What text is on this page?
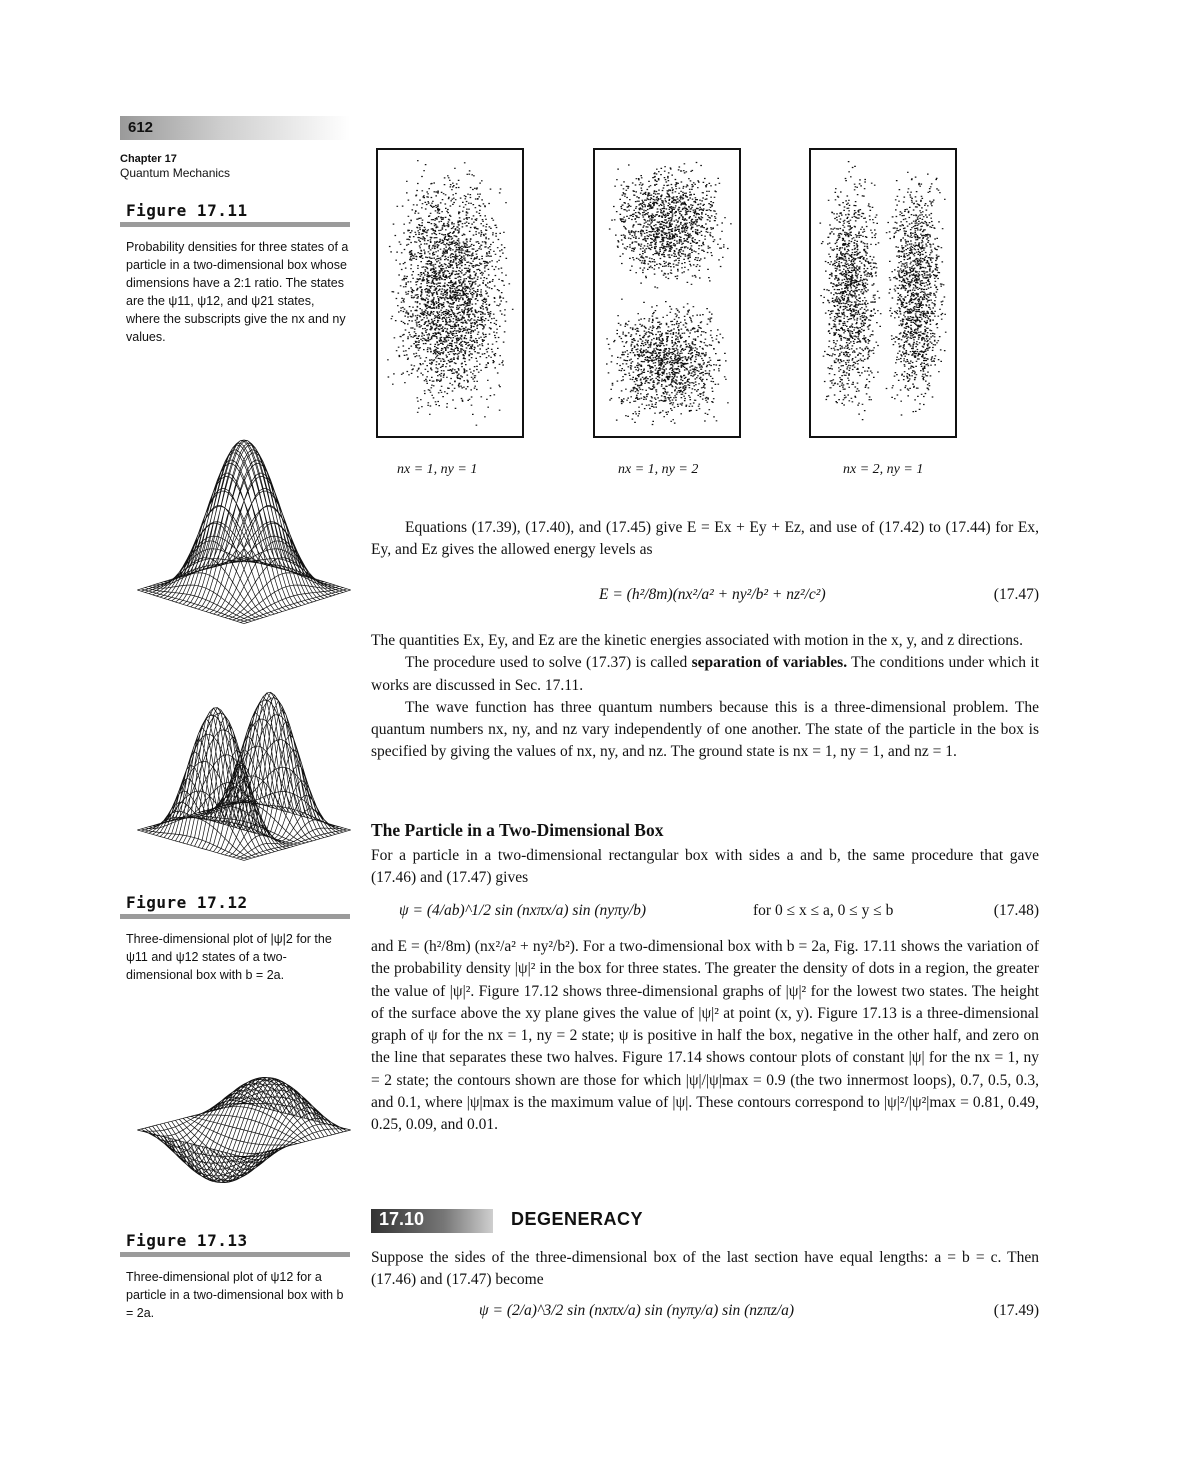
612
Chapter 17
Quantum Mechanics
Figure 17.11
Probability densities for three states of a particle in a two-dimensional box whose dimensions have a 2:1 ratio. The states are the ψ11, ψ12, and ψ21 states, where the subscripts give the nx and ny values.
nx = 1, ny = 1	nx = 1, ny = 2	nx = 2, ny = 1
Figure 17.12
Three-dimensional plot of |ψ|2 for the ψ11 and ψ12 states of a two-dimensional box with b = 2a.
Figure 17.13
Three-dimensional plot of ψ12 for a particle in a two-dimensional box with b = 2a.

Equations (17.39), (17.40), and (17.45) give E = Ex + Ey + Ez, and use of (17.42) to (17.44) for Ex, Ey, and Ez gives the allowed energy levels as

E = (h²/8m)(nx²/a² + ny²/b² + nz²/c²)	(17.47)

The quantities Ex, Ey, and Ez are the kinetic energies associated with motion in the x, y, and z directions.

The procedure used to solve (17.37) is called separation of variables. The conditions under which it works are discussed in Sec. 17.11.

The wave function has three quantum numbers because this is a three-dimensional problem. The quantum numbers nx, ny, and nz vary independently of one another. The state of the particle in the box is specified by giving the values of nx, ny, and nz. The ground state is nx = 1, ny = 1, and nz = 1.

The Particle in a Two-Dimensional Box

For a particle in a two-dimensional rectangular box with sides a and b, the same procedure that gave (17.46) and (17.47) gives

ψ = (4/ab)^1/2 sin (nxπx/a) sin (nyπy/b)	for 0 ≤ x ≤ a, 0 ≤ y ≤ b	(17.48)

and E = (h²/8m) (nx²/a² + ny²/b²). For a two-dimensional box with b = 2a, Fig. 17.11 shows the variation of the probability density |ψ|² in the box for three states. The greater the density of dots in a region, the greater the value of |ψ|². Figure 17.12 shows three-dimensional graphs of |ψ|² for the lowest two states. The height of the surface above the xy plane gives the value of |ψ|² at point (x, y). Figure 17.13 is a three-dimensional graph of ψ for the nx = 1, ny = 2 state; ψ is positive in half the box, negative in the other half, and zero on the line that separates these two halves. Figure 17.14 shows contour plots of constant |ψ| for the nx = 1, ny = 2 state; the contours shown are those for which |ψ|/|ψ|max = 0.9 (the two innermost loops), 0.7, 0.5, 0.3, and 0.1, where |ψ|max is the maximum value of |ψ|. These contours correspond to |ψ|²/|ψ²|max = 0.81, 0.49, 0.25, 0.09, and 0.01.

17.10	DEGENERACY

Suppose the sides of the three-dimensional box of the last section have equal lengths: a = b = c. Then (17.46) and (17.47) become

ψ = (2/a)^3/2 sin (nxπx/a) sin (nyπy/a) sin (nzπz/a)	(17.49)
